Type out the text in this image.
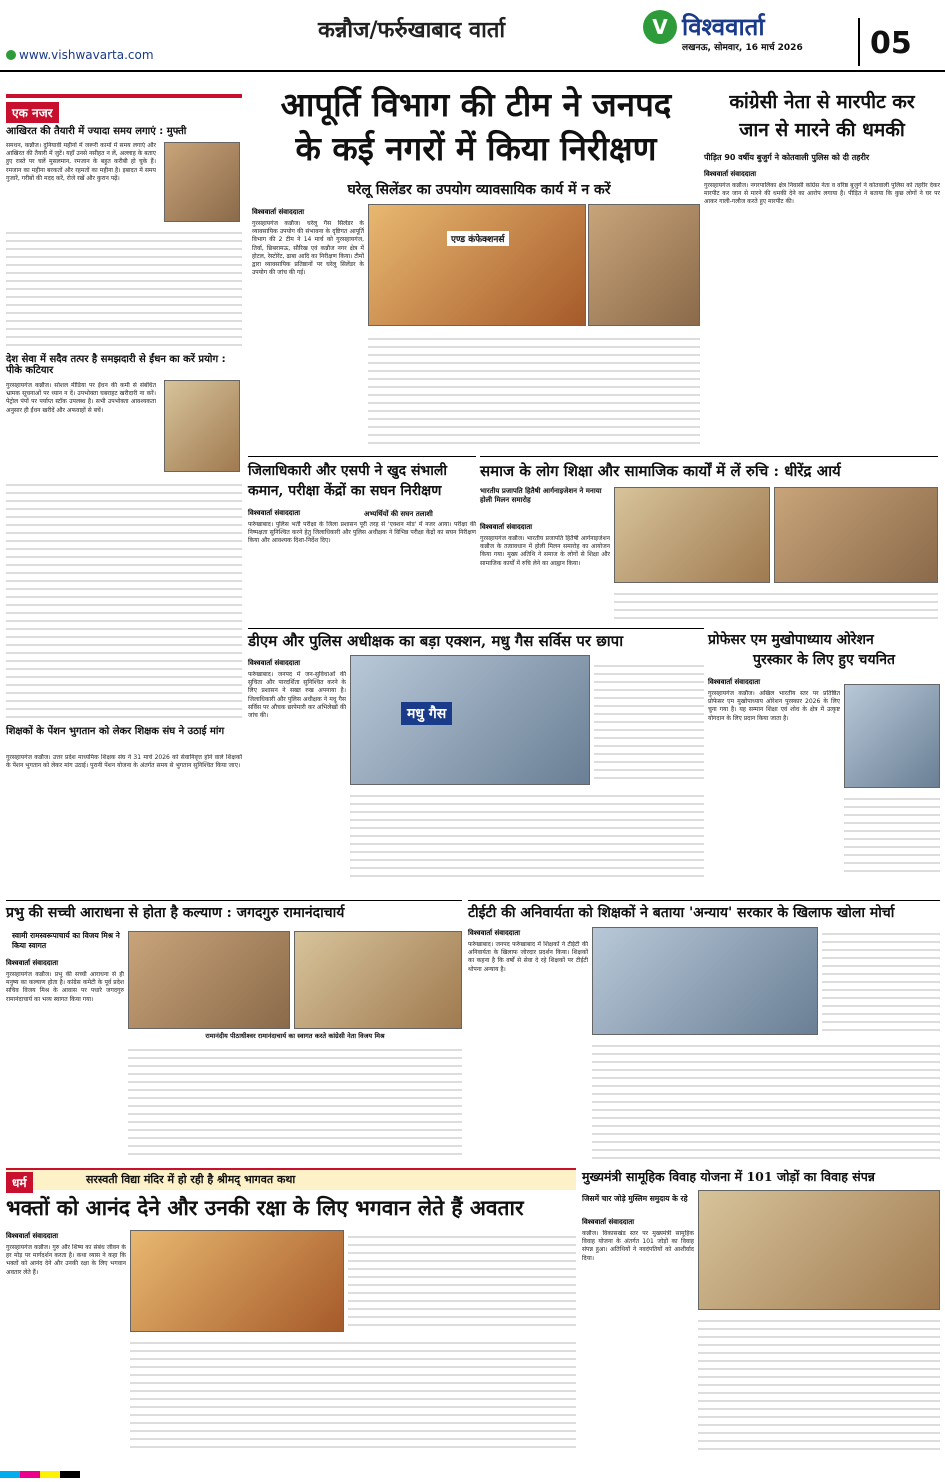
कन्नौज/फर्रुखाबाद वार्ता
www.vishwavarta.com
V विश्ववार्ता
लखनऊ, सोमवार, 16 मार्च 2026 05
एक नजर
आखिरत की तैयारी में ज्यादा समय लगाएं : मुफ्ती
समधन, कन्नौज। दुनियावी महीनों में जरूरी कामों में समय लगाएं और आखिरत की तैयारी में जुटें। यहाँ उनसे नसीहत न लें, अल्लाह के बताए हुए रास्ते पर चलें मुसलमान, रमजान के बहुत करीबी हो चुके हैं। रमजान का महीना बरकतों और रहमतों का महीना है। इबादत में समय गुजारें, गरीबों की मदद करें, रोजे रखें और कुरान पढ़ें।
देश सेवा में सदैव तत्पर है समझदारी से ईंधन का करें प्रयोग : पीके कटियार
गुरसहायगंज कन्नौज। सोशल मीडिया पर ईंधन की कमी से संबंधित भ्रामक सूचनाओं पर ध्यान न दें। उपभोक्ता घबराहट खरीदारी ना करें। पेट्रोल पंपों पर पर्याप्त स्टॉक उपलब्ध है। सभी उपभोक्ता आवश्यकता अनुसार ही ईंधन खरीदें और अफवाहों से बचें।
शिक्षकों के पेंशन भुगतान को लेकर शिक्षक संघ ने उठाई मांग
गुरसहायगंज कन्नौज। उत्तर प्रदेश माध्यमिक शिक्षक संघ ने 31 मार्च 2026 को सेवानिवृत्त होने वाले शिक्षकों के पेंशन भुगतान को लेकर मांग उठाई। पुरानी पेंशन योजना के अंतर्गत समय से भुगतान सुनिश्चित किया जाए।
आपूर्ति विभाग की टीम ने जनपद
के कई नगरों में किया निरीक्षण
घरेलू सिलेंडर का उपयोग व्यावसायिक कार्य में न करें
विश्ववार्ता संवाददाता
गुरसहायगंज कन्नौज। घरेलू गैस सिलेंडर के व्यावसायिक उपयोग की संभावना के दृष्टिगत आपूर्ति विभाग की 2 टीम ने 14 मार्च को गुरसहायगंज, तिर्वा, छिबरामऊ, सौरिख एवं कन्नौज नगर क्षेत्र में होटल, रेस्टोरेंट, ढाबा आदि का निरीक्षण किया। टीमों द्वारा व्यावसायिक प्रतिष्ठानों पर घरेलू सिलेंडर के उपयोग की जांच की गई।
एण्ड कंफेक्शनर्स
कांग्रेसी नेता से मारपीट कर
जान से मारने की धमकी
पीड़ित 90 वर्षीय बुजुर्ग ने कोतवाली पुलिस को दी तहरीर
विश्ववार्ता संवाददाता
गुरसहायगंज कन्नौज। नगरपालिका क्षेत्र निवासी कांग्रेस नेता व वरिष्ठ बुजुर्ग ने कोतवाली पुलिस को तहरीर देकर मारपीट कर जान से मारने की धमकी देने का आरोप लगाया है। पीड़ित ने बताया कि कुछ लोगों ने घर पर आकर गाली-गलौज करते हुए मारपीट की।
जिलाधिकारी और एसपी ने खुद संभाली
कमान, परीक्षा केंद्रों का सघन निरीक्षण
विश्ववार्ता संवाददाता	अभ्यर्थियों की सघन तलाशी
फर्रुखाबाद। पुलिस भर्ती परीक्षा के जिला प्रशासन पूरी तरह से 'एक्शन मोड' में नजर आया। परीक्षा की निष्पक्षता सुनिश्चित करने हेतु जिलाधिकारी और पुलिस अधीक्षक ने विभिन्न परीक्षा केंद्रों का सघन निरीक्षण किया और आवश्यक दिशा-निर्देश दिए।
समाज के लोग शिक्षा और सामाजिक कार्यों में लें रुचि : धीरेंद्र आर्य
भारतीय प्रजापति हितैषी आर्गनाइजेशन ने मनाया होली मिलन समारोह
विश्ववार्ता संवाददाता
गुरसहायगंज कन्नौज। भारतीय प्रजापति हितैषी आर्गनाइजेशन कन्नौज के तत्वावधान में होली मिलन समारोह का आयोजन किया गया। मुख्य अतिथि ने समाज के लोगों से शिक्षा और सामाजिक कार्यों में रुचि लेने का आह्वान किया।
प्रोफेसर एम मुखोपाध्याय ओरेशन
पुरस्कार के लिए हुए चयनित
विश्ववार्ता संवाददाता
गुरसहायगंज कन्नौज। अखिल भारतीय स्तर पर प्रतिष्ठित प्रोफेसर एम मुखोपाध्याय ओरेशन पुरस्कार 2026 के लिए चुना गया है। यह सम्मान शिक्षा एवं शोध के क्षेत्र में उत्कृष्ट योगदान के लिए प्रदान किया जाता है।
डीएम और पुलिस अधीक्षक का बड़ा एक्शन, मधु गैस सर्विस पर छापा
विश्ववार्ता संवाददाता
फर्रुखाबाद। जनपद में जन-सुविधाओं की सुचिता और पारदर्शिता सुनिश्चित करने के लिए प्रशासन ने सख्त रुख अपनाया है। जिलाधिकारी और पुलिस अधीक्षक ने मधु गैस सर्विस पर औचक छापेमारी कर अभिलेखों की जांच की।	मधु गैस
प्रभु की सच्ची आराधना से होता है कल्याण : जगदगुरु रामानंदाचार्य
स्वामी रामस्वरूपाचार्य का विजय मिश्र ने किया स्वागत
विश्ववार्ता संवाददाता
गुरसहायगंज कन्नौज। प्रभु की सच्ची आराधना से ही मनुष्य का कल्याण होता है। कांग्रेस कमेटी के पूर्व प्रदेश सचिव विजय मिश्र के आवास पर पधारे जगदगुरु रामानंदाचार्य का भव्य स्वागत किया गया।
रामानंदीय पीठाधीश्वर रामानंदाचार्य का स्वागत करते कांग्रेसी नेता विजय मिश्र
टीईटी की अनिवार्यता को शिक्षकों ने बताया 'अन्याय' सरकार के खिलाफ खोला मोर्चा
विश्ववार्ता संवाददाता
फर्रुखाबाद। जनपद फर्रुखाबाद में शिक्षकों ने टीईटी की अनिवार्यता के खिलाफ जोरदार प्रदर्शन किया। शिक्षकों का कहना है कि वर्षों से सेवा दे रहे शिक्षकों पर टीईटी थोपना अन्याय है।
धर्म	सरस्वती विद्या मंदिर में हो रही है श्रीमद् भागवत कथा
भक्तों को आनंद देने और उनकी रक्षा के लिए भगवान लेते हैं अवतार
विश्ववार्ता संवाददाता
गुरसहायगंज कन्नौज। गुरु और शिष्य का संबंध जीवन के हर मोड़ पर मार्गदर्शन करता है। कथा व्यास ने कहा कि भक्तों को आनंद देने और उनकी रक्षा के लिए भगवान अवतार लेते हैं।
मुख्यमंत्री सामूहिक विवाह योजना में 101 जोड़ों का विवाह संपन्न
जिसमें चार जोड़े मुस्लिम समुदाय के रहे
विश्ववार्ता संवाददाता
कन्नौज। विकासखंड स्तर पर मुख्यमंत्री सामूहिक विवाह योजना के अंतर्गत 101 जोड़ों का विवाह संपन्न हुआ। अतिथियों ने नवदंपतियों को आशीर्वाद दिया।
